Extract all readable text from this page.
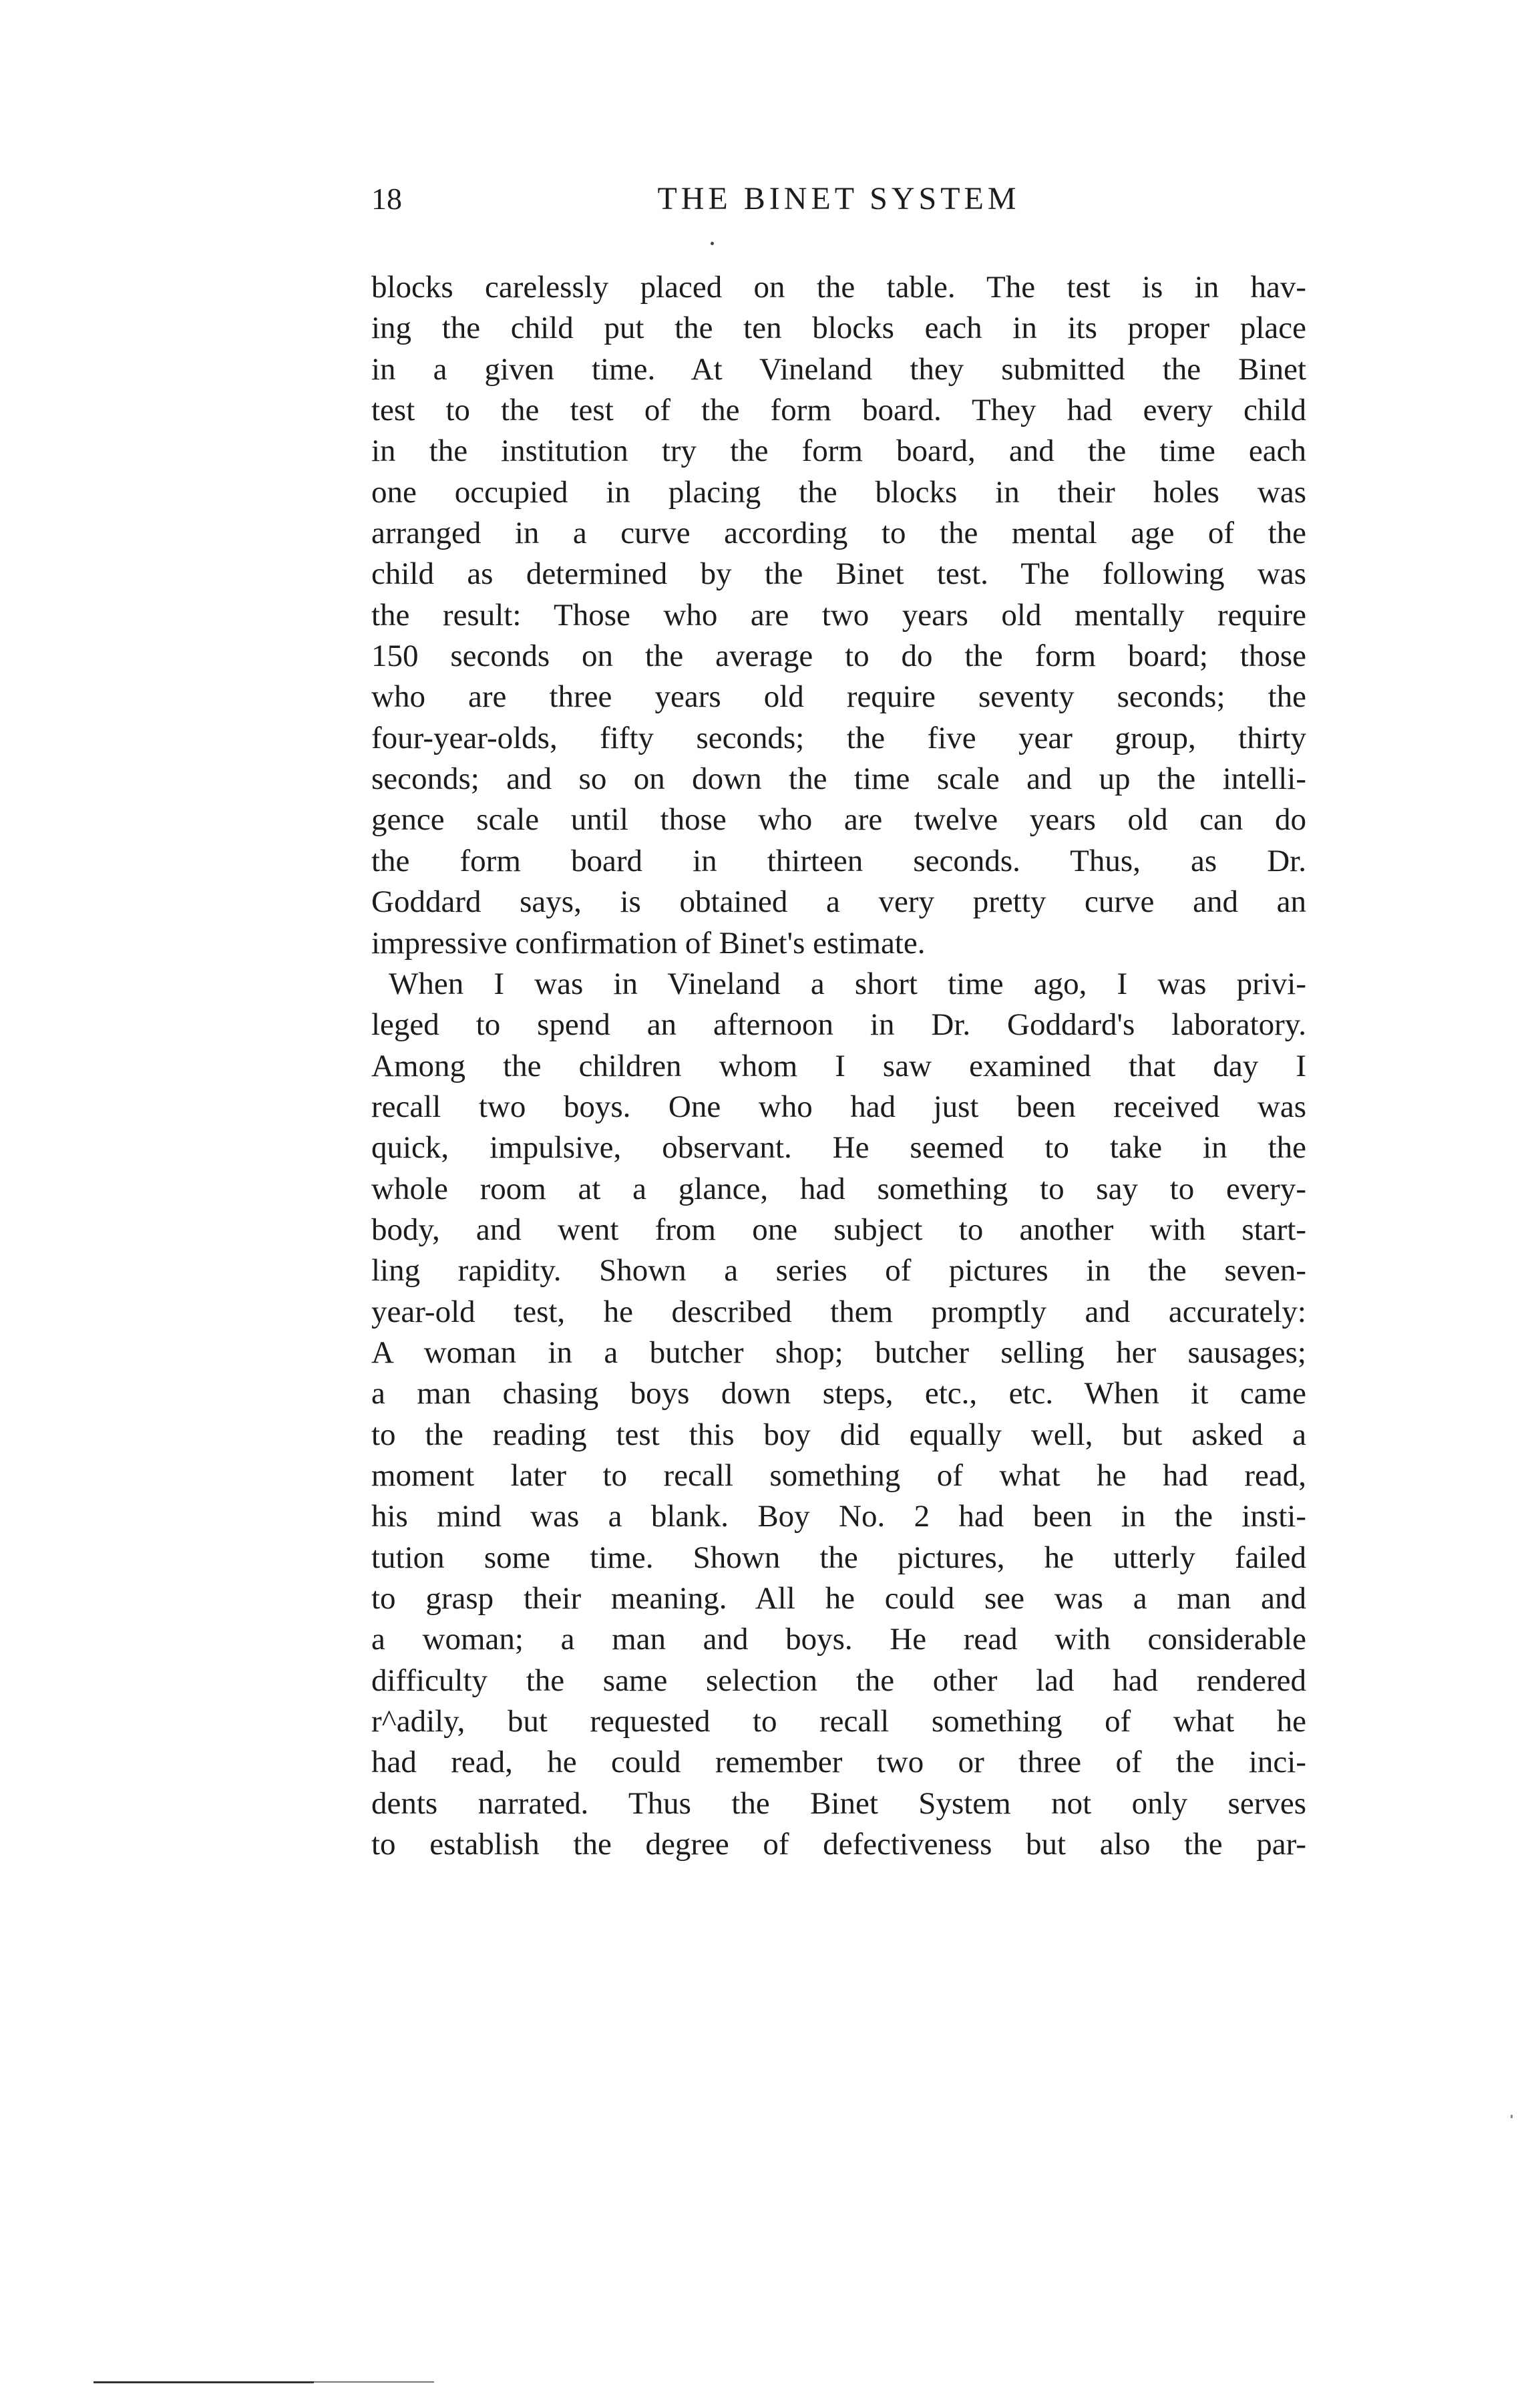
18	THE BINET SYSTEM
blocks carelessly placed on the table. The test is in hav-
ing the child put the ten blocks each in its proper place
in a given time. At Vineland they submitted the Binet
test to the test of the form board. They had every child
in the institution try the form board, and the time each
one occupied in placing the blocks in their holes was
arranged in a curve according to the mental age of the
child as determined by the Binet test. The following was
the result: Those who are two years old mentally require
150 seconds on the average to do the form board; those
who are three years old require seventy seconds; the
four-year-olds, fifty seconds; the five year group, thirty
seconds; and so on down the time scale and up the intelli-
gence scale until those who are twelve years old can do
the form board in thirteen seconds. Thus, as Dr.
Goddard says, is obtained a very pretty curve and an
impressive confirmation of Binet's estimate.
When I was in Vineland a short time ago, I was privi-
leged to spend an afternoon in Dr. Goddard's laboratory.
Among the children whom I saw examined that day I
recall two boys. One who had just been received was
quick, impulsive, observant. He seemed to take in the
whole room at a glance, had something to say to every-
body, and went from one subject to another with start-
ling rapidity. Shown a series of pictures in the seven-
year-old test, he described them promptly and accurately:
A woman in a butcher shop; butcher selling her sausages;
a man chasing boys down steps, etc., etc. When it came
to the reading test this boy did equally well, but asked a
moment later to recall something of what he had read,
his mind was a blank. Boy No. 2 had been in the insti-
tution some time. Shown the pictures, he utterly failed
to grasp their meaning. All he could see was a man and
a woman; a man and boys. He read with considerable
difficulty the same selection the other lad had rendered
r^adily, but requested to recall something of what he
had read, he could remember two or three of the inci-
dents narrated. Thus the Binet System not only serves
to establish the degree of defectiveness but also the par-
